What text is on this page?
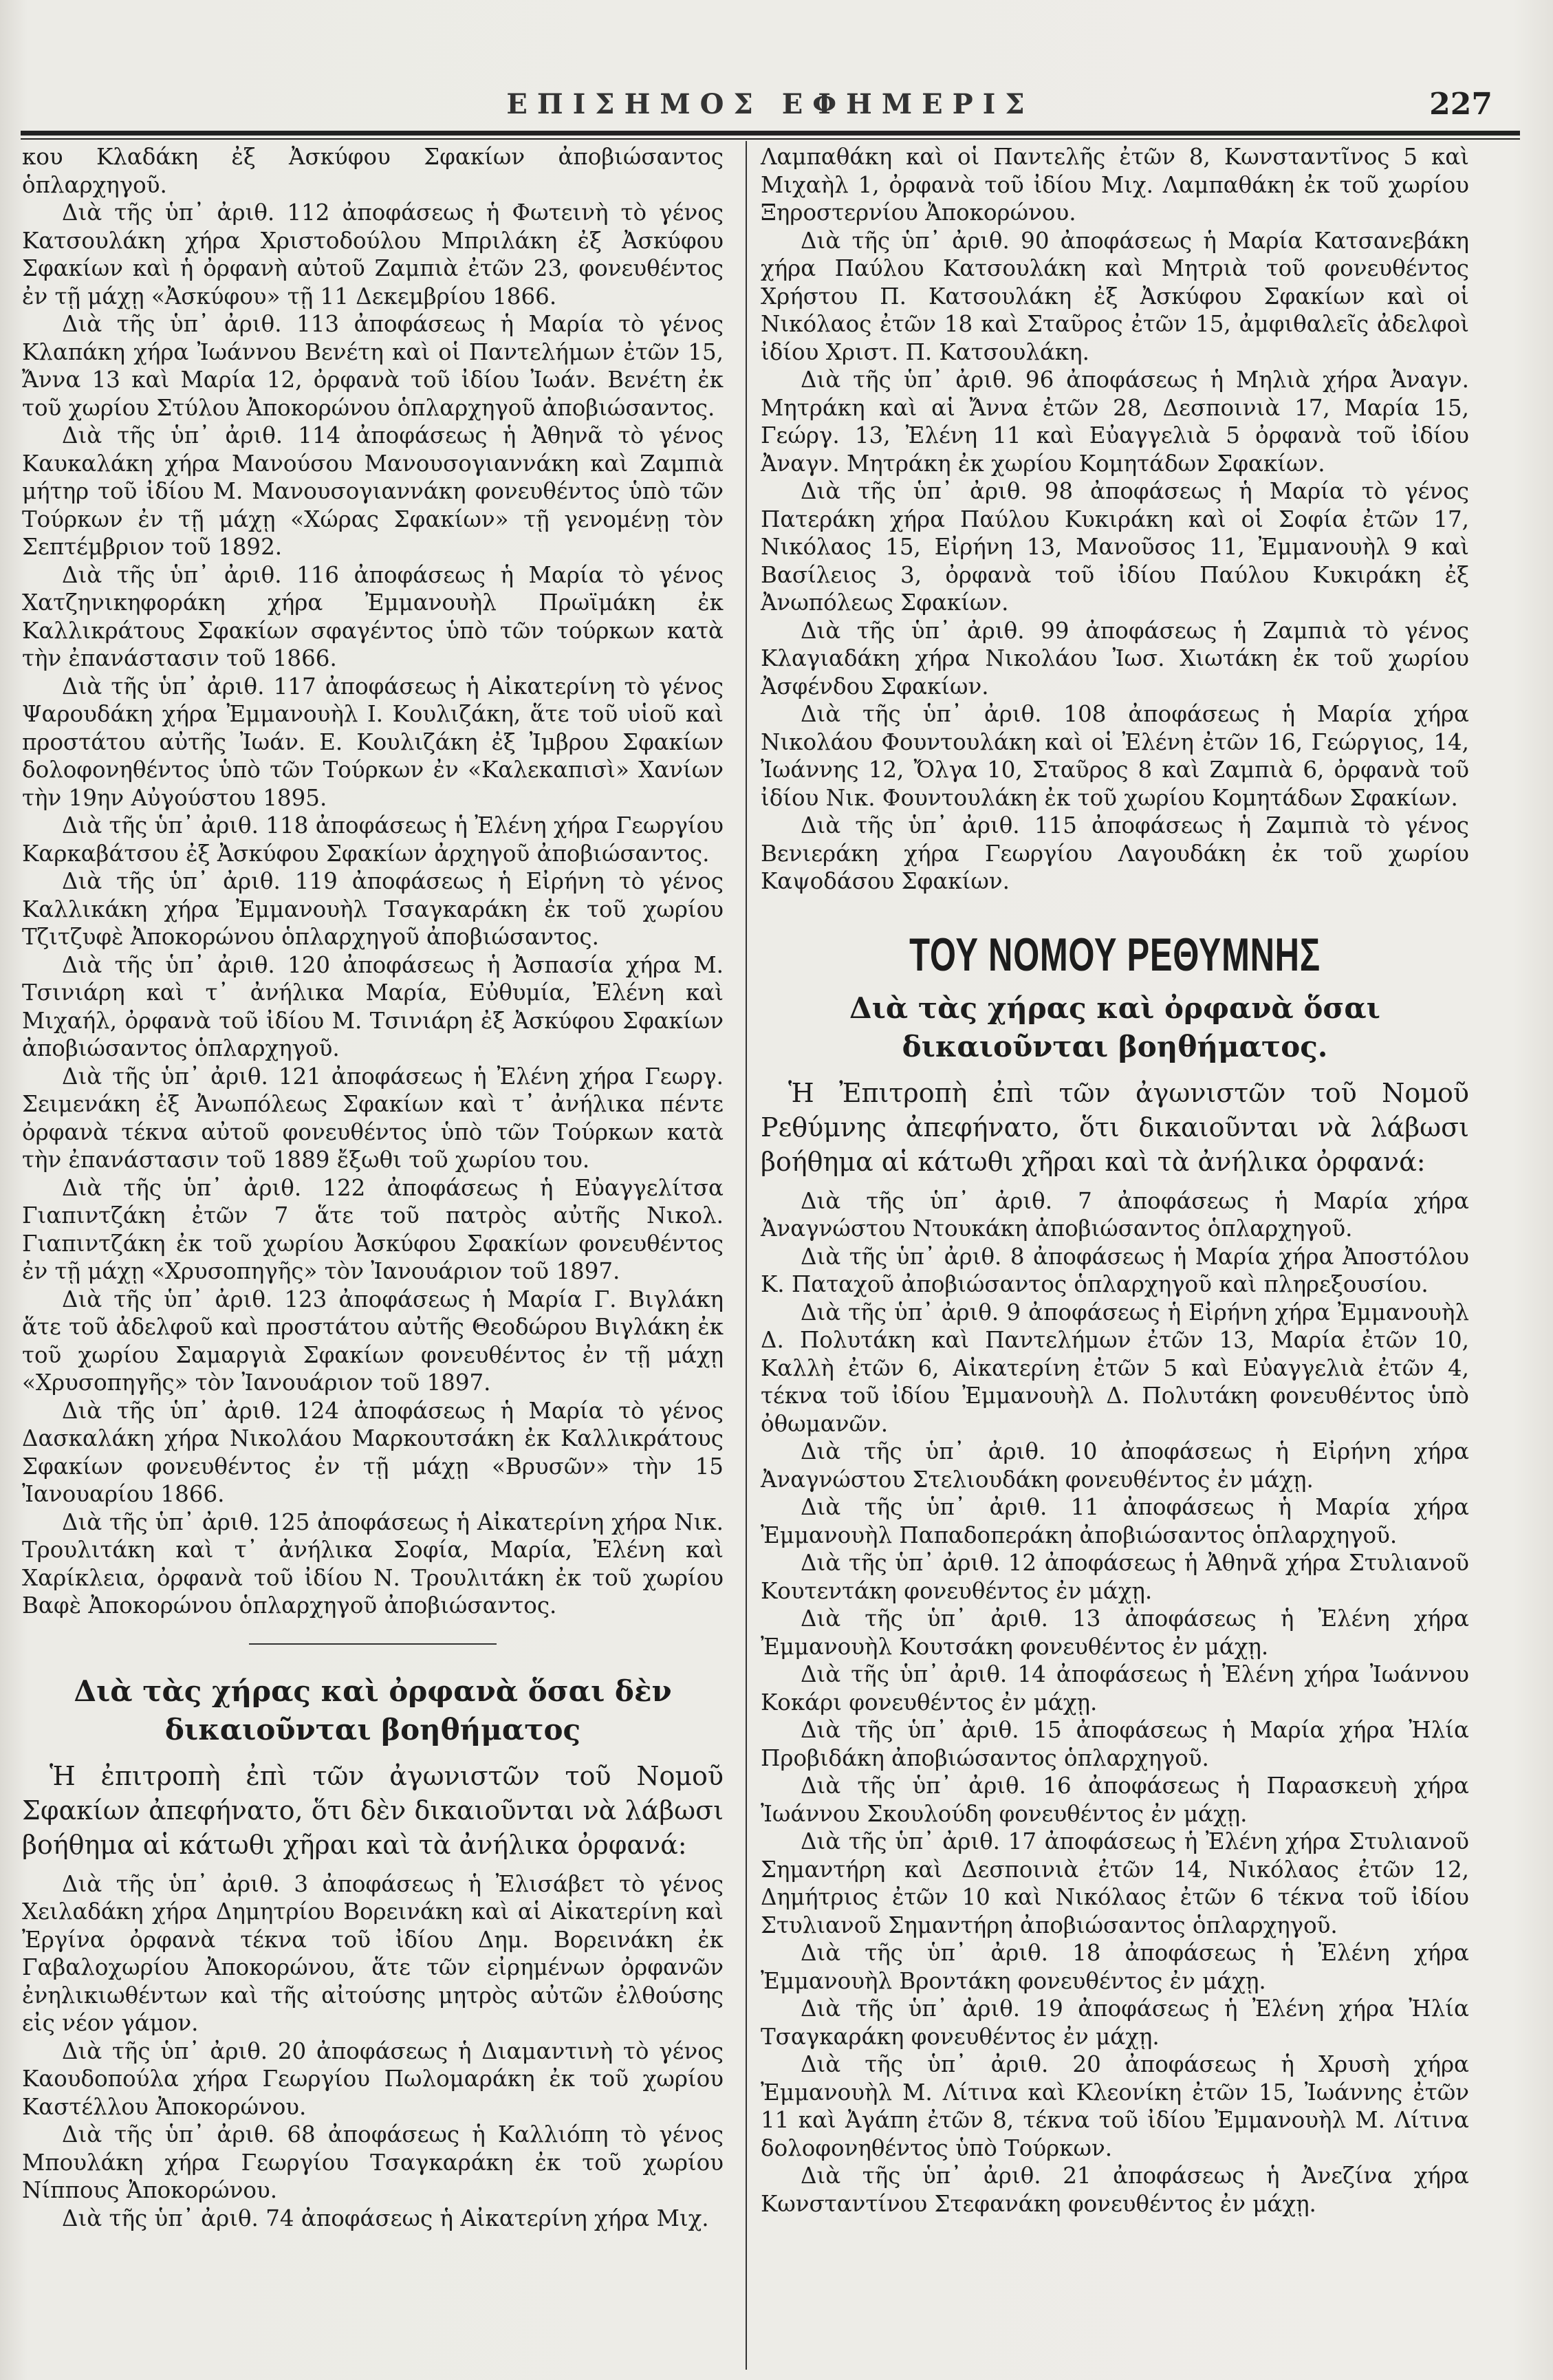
ΕΠΙΣΗΜΟΣ ΕΦΗΜΕΡΙΣ	227

κου Κλαδάκη ἐξ Ἀσκύφου Σφακίων ἀποβιώσαντος ὁπλαρχηγοῦ.

Διὰ τῆς ὑπ᾽ ἀριθ. 112 ἀποφάσεως ἡ Φωτεινὴ τὸ γένος Κατσουλάκη χήρα Χριστοδούλου Μπριλάκη ἐξ Ἀσκύφου Σφακίων καὶ ἡ ὀρφανὴ αὐτοῦ Ζαμπιὰ ἐτῶν 23, φονευθέντος ἐν τῇ μάχῃ «Ἀσκύφου» τῇ 11 Δεκεμβρίου 1866.

Διὰ τῆς ὑπ᾽ ἀριθ. 113 ἀποφάσεως ἡ Μαρία τὸ γένος Κλαπάκη χήρα Ἰωάννου Βενέτη καὶ οἱ Παντελήμων ἐτῶν 15, Ἄννα 13 καὶ Μαρία 12, ὀρφανὰ τοῦ ἰδίου Ἰωάν. Βενέτη ἐκ τοῦ χωρίου Στύλου Ἀποκορώνου ὁπλαρχηγοῦ ἀποβιώσαντος.

Διὰ τῆς ὑπ᾽ ἀριθ. 114 ἀποφάσεως ἡ Ἀθηνᾶ τὸ γένος Καυκαλάκη χήρα Μανούσου Μανουσογιαννάκη καὶ Ζαμπιὰ μήτηρ τοῦ ἰδίου Μ. Μανουσογιαννάκη φονευθέντος ὑπὸ τῶν Τούρκων ἐν τῇ μάχῃ «Χώρας Σφακίων» τῇ γενομένῃ τὸν Σεπτέμβριον τοῦ 1892.

Διὰ τῆς ὑπ᾽ ἀριθ. 116 ἀποφάσεως ἡ Μαρία τὸ γένος Χατζηνικηφοράκη χήρα Ἐμμανουὴλ Πρωϊμάκη ἐκ Καλλικράτους Σφακίων σφαγέντος ὑπὸ τῶν τούρκων κατὰ τὴν ἐπανάστασιν τοῦ 1866.

Διὰ τῆς ὑπ᾽ ἀριθ. 117 ἀποφάσεως ἡ Αἰκατερίνη τὸ γένος Ψαρουδάκη χήρα Ἐμμανουὴλ Ι. Κουλιζάκη, ἅτε τοῦ υἱοῦ καὶ προστάτου αὐτῆς Ἰωάν. Ε. Κουλιζάκη ἐξ Ἰμβρου Σφακίων δολοφονηθέντος ὑπὸ τῶν Τούρκων ἐν «Καλεκαπισὶ» Χανίων τὴν 19ην Αὐγούστου 1895.

Διὰ τῆς ὑπ᾽ ἀριθ. 118 ἀποφάσεως ἡ Ἐλένη χήρα Γεωργίου Καρκαβάτσου ἐξ Ἀσκύφου Σφακίων ἀρχηγοῦ ἀποβιώσαντος.

Διὰ τῆς ὑπ᾽ ἀριθ. 119 ἀποφάσεως ἡ Εἰρήνη τὸ γένος Καλλικάκη χήρα Ἐμμανουὴλ Τσαγκαράκη ἐκ τοῦ χωρίου Τζιτζυφὲ Ἀποκορώνου ὁπλαρχηγοῦ ἀποβιώσαντος.

Διὰ τῆς ὑπ᾽ ἀριθ. 120 ἀποφάσεως ἡ Ἀσπασία χήρα Μ. Τσινιάρη καὶ τ᾽ ἀνήλικα Μαρία, Εὐθυμία, Ἐλένη καὶ Μιχαήλ, ὀρφανὰ τοῦ ἰδίου Μ. Τσινιάρη ἐξ Ἀσκύφου Σφακίων ἀποβιώσαντος ὁπλαρχηγοῦ.

Διὰ τῆς ὑπ᾽ ἀριθ. 121 ἀποφάσεως ἡ Ἐλένη χήρα Γεωργ. Σειμενάκη ἐξ Ἀνωπόλεως Σφακίων καὶ τ᾽ ἀνήλικα πέντε ὀρφανὰ τέκνα αὐτοῦ φονευθέντος ὑπὸ τῶν Τούρκων κατὰ τὴν ἐπανάστασιν τοῦ 1889 ἔξωθι τοῦ χωρίου του.

Διὰ τῆς ὑπ᾽ ἀριθ. 122 ἀποφάσεως ἡ Εὐαγγελίτσα Γιαπιντζάκη ἐτῶν 7 ἅτε τοῦ πατρὸς αὐτῆς Νικολ. Γιαπιντζάκη ἐκ τοῦ χωρίου Ἀσκύφου Σφακίων φονευθέντος ἐν τῇ μάχῃ «Χρυσοπηγῆς» τὸν Ἰανουάριον τοῦ 1897.

Διὰ τῆς ὑπ᾽ ἀριθ. 123 ἀποφάσεως ἡ Μαρία Γ. Βιγλάκη ἅτε τοῦ ἀδελφοῦ καὶ προστάτου αὐτῆς Θεοδώρου Βιγλάκη ἐκ τοῦ χωρίου Σαμαργιὰ Σφακίων φονευθέντος ἐν τῇ μάχῃ «Χρυσοπηγῆς» τὸν Ἰανουάριον τοῦ 1897.

Διὰ τῆς ὑπ᾽ ἀριθ. 124 ἀποφάσεως ἡ Μαρία τὸ γένος Δασκαλάκη χήρα Νικολάου Μαρκουτσάκη ἐκ Καλλικράτους Σφακίων φονευθέντος ἐν τῇ μάχῃ «Βρυσῶν» τὴν 15 Ἰανουαρίου 1866.

Διὰ τῆς ὑπ᾽ ἀριθ. 125 ἀποφάσεως ἡ Αἰκατερίνη χήρα Νικ. Τρουλιτάκη καὶ τ᾽ ἀνήλικα Σοφία, Μαρία, Ἐλένη καὶ Χαρίκλεια, ὀρφανὰ τοῦ ἰδίου Ν. Τρουλιτάκη ἐκ τοῦ χωρίου Βαφὲ Ἀποκορώνου ὁπλαρχηγοῦ ἀποβιώσαντος.

Διὰ τὰς χήρας καὶ ὀρφανὰ ὅσαι δὲν δικαιοῦνται βοηθήματος

Ἡ ἐπιτροπὴ ἐπὶ τῶν ἀγωνιστῶν τοῦ Νομοῦ Σφακίων ἀπεφήνατο, ὅτι δὲν δικαιοῦνται νὰ λάβωσι βοήθημα αἱ κάτωθι χῆραι καὶ τὰ ἀνήλικα ὀρφανά:

Διὰ τῆς ὑπ᾽ ἀριθ. 3 ἀποφάσεως ἡ Ἐλισάβετ τὸ γένος Χειλαδάκη χήρα Δημητρίου Βορεινάκη καὶ αἱ Αἰκατερίνη καὶ Ἐργίνα ὀρφανὰ τέκνα τοῦ ἰδίου Δημ. Βορεινάκη ἐκ Γαβαλοχωρίου Ἀποκορώνου, ἅτε τῶν εἰρημένων ὀρφανῶν ἐνηλικιωθέντων καὶ τῆς αἰτούσης μητρὸς αὐτῶν ἐλθούσης εἰς νέον γάμον.

Διὰ τῆς ὑπ᾽ ἀριθ. 20 ἀποφάσεως ἡ Διαμαντινὴ τὸ γένος Καουδοπούλα χήρα Γεωργίου Πωλομαράκη ἐκ τοῦ χωρίου Καστέλλου Ἀποκορώνου.

Διὰ τῆς ὑπ᾽ ἀριθ. 68 ἀποφάσεως ἡ Καλλιόπη τὸ γένος Μπουλάκη χήρα Γεωργίου Τσαγκαράκη ἐκ τοῦ χωρίου Νίππους Ἀποκορώνου.

Διὰ τῆς ὑπ᾽ ἀριθ. 74 ἀποφάσεως ἡ Αἰκατερίνη χήρα Μιχ.

Λαμπαθάκη καὶ οἱ Παντελῆς ἐτῶν 8, Κωνσταντῖνος 5 καὶ Μιχαὴλ 1, ὀρφανὰ τοῦ ἰδίου Μιχ. Λαμπαθάκη ἐκ τοῦ χωρίου Ξηροστερνίου Ἀποκορώνου.

Διὰ τῆς ὑπ᾽ ἀριθ. 90 ἀποφάσεως ἡ Μαρία Κατσανεβάκη χήρα Παύλου Κατσουλάκη καὶ Μητριὰ τοῦ φονευθέντος Χρήστου Π. Κατσουλάκη ἐξ Ἀσκύφου Σφακίων καὶ οἱ Νικόλαος ἐτῶν 18 καὶ Σταῦρος ἐτῶν 15, ἀμφιθαλεῖς ἀδελφοὶ ἰδίου Χριστ. Π. Κατσουλάκη.

Διὰ τῆς ὑπ᾽ ἀριθ. 96 ἀποφάσεως ἡ Μηλιὰ χήρα Ἀναγν. Μητράκη καὶ αἱ Ἄννα ἐτῶν 28, Δεσποινιὰ 17, Μαρία 15, Γεώργ. 13, Ἐλένη 11 καὶ Εὐαγγελιὰ 5 ὀρφανὰ τοῦ ἰδίου Ἀναγν. Μητράκη ἐκ χωρίου Κομητάδων Σφακίων.

Διὰ τῆς ὑπ᾽ ἀριθ. 98 ἀποφάσεως ἡ Μαρία τὸ γένος Πατεράκη χήρα Παύλου Κυκιράκη καὶ οἱ Σοφία ἐτῶν 17, Νικόλαος 15, Εἰρήνη 13, Μανοῦσος 11, Ἐμμανουὴλ 9 καὶ Βασίλειος 3, ὀρφανὰ τοῦ ἰδίου Παύλου Κυκιράκη ἐξ Ἀνωπόλεως Σφακίων.

Διὰ τῆς ὑπ᾽ ἀριθ. 99 ἀποφάσεως ἡ Ζαμπιὰ τὸ γένος Κλαγιαδάκη χήρα Νικολάου Ἰωσ. Χιωτάκη ἐκ τοῦ χωρίου Ἀσφένδου Σφακίων.

Διὰ τῆς ὑπ᾽ ἀριθ. 108 ἀποφάσεως ἡ Μαρία χήρα Νικολάου Φουντουλάκη καὶ οἱ Ἐλένη ἐτῶν 16, Γεώργιος, 14, Ἰωάννης 12, Ὄλγα 10, Σταῦρος 8 καὶ Ζαμπιὰ 6, ὀρφανὰ τοῦ ἰδίου Νικ. Φουντουλάκη ἐκ τοῦ χωρίου Κομητάδων Σφακίων.

Διὰ τῆς ὑπ᾽ ἀριθ. 115 ἀποφάσεως ἡ Ζαμπιὰ τὸ γένος Βενιεράκη χήρα Γεωργίου Λαγουδάκη ἐκ τοῦ χωρίου Καψοδάσου Σφακίων.

ΤΟΥ ΝΟΜΟΥ ΡΕΘΥΜΝΗΣ

Διὰ τὰς χήρας καὶ ὀρφανὰ ὅσαι δικαιοῦνται βοηθήματος.

Ἡ Ἐπιτροπὴ ἐπὶ τῶν ἀγωνιστῶν τοῦ Νομοῦ Ρεθύμνης ἀπεφήνατο, ὅτι δικαιοῦνται νὰ λάβωσι βοήθημα αἱ κάτωθι χῆραι καὶ τὰ ἀνήλικα ὀρφανά:

Διὰ τῆς ὑπ᾽ ἀριθ. 7 ἀποφάσεως ἡ Μαρία χήρα Ἀναγνώστου Ντουκάκη ἀποβιώσαντος ὁπλαρχηγοῦ.

Διὰ τῆς ὑπ᾽ ἀριθ. 8 ἀποφάσεως ἡ Μαρία χήρα Ἀποστόλου Κ. Παταχοῦ ἀποβιώσαντος ὁπλαρχηγοῦ καὶ πληρεξουσίου.

Διὰ τῆς ὑπ᾽ ἀριθ. 9 ἀποφάσεως ἡ Εἰρήνη χήρα Ἐμμανουὴλ Δ. Πολυτάκη καὶ Παντελήμων ἐτῶν 13, Μαρία ἐτῶν 10, Καλλὴ ἐτῶν 6, Αἰκατερίνη ἐτῶν 5 καὶ Εὐαγγελιὰ ἐτῶν 4, τέκνα τοῦ ἰδίου Ἐμμανουὴλ Δ. Πολυτάκη φονευθέντος ὑπὸ ὀθωμανῶν.

Διὰ τῆς ὑπ᾽ ἀριθ. 10 ἀποφάσεως ἡ Εἰρήνη χήρα Ἀναγνώστου Στελιουδάκη φονευθέντος ἐν μάχῃ.

Διὰ τῆς ὑπ᾽ ἀριθ. 11 ἀποφάσεως ἡ Μαρία χήρα Ἐμμανουὴλ Παπαδοπεράκη ἀποβιώσαντος ὁπλαρχηγοῦ.

Διὰ τῆς ὑπ᾽ ἀριθ. 12 ἀποφάσεως ἡ Ἀθηνᾶ χήρα Στυλιανοῦ Κουτεντάκη φονευθέντος ἐν μάχῃ.

Διὰ τῆς ὑπ᾽ ἀριθ. 13 ἀποφάσεως ἡ Ἐλένη χήρα Ἐμμανουὴλ Κουτσάκη φονευθέντος ἐν μάχῃ.

Διὰ τῆς ὑπ᾽ ἀριθ. 14 ἀποφάσεως ἡ Ἐλένη χήρα Ἰωάννου Κοκάρι φονευθέντος ἐν μάχῃ.

Διὰ τῆς ὑπ᾽ ἀριθ. 15 ἀποφάσεως ἡ Μαρία χήρα Ἠλία Προβιδάκη ἀποβιώσαντος ὁπλαρχηγοῦ.

Διὰ τῆς ὑπ᾽ ἀριθ. 16 ἀποφάσεως ἡ Παρασκευὴ χήρα Ἰωάννου Σκουλούδη φονευθέντος ἐν μάχῃ.

Διὰ τῆς ὑπ᾽ ἀριθ. 17 ἀποφάσεως ἡ Ἐλένη χήρα Στυλιανοῦ Σημαντήρη καὶ Δεσποινιὰ ἐτῶν 14, Νικόλαος ἐτῶν 12, Δημήτριος ἐτῶν 10 καὶ Νικόλαος ἐτῶν 6 τέκνα τοῦ ἰδίου Στυλιανοῦ Σημαντήρη ἀποβιώσαντος ὁπλαρχηγοῦ.

Διὰ τῆς ὑπ᾽ ἀριθ. 18 ἀποφάσεως ἡ Ἐλένη χήρα Ἐμμανουὴλ Βροντάκη φονευθέντος ἐν μάχῃ.

Διὰ τῆς ὑπ᾽ ἀριθ. 19 ἀποφάσεως ἡ Ἐλένη χήρα Ἠλία Τσαγκαράκη φονευθέντος ἐν μάχῃ.

Διὰ τῆς ὑπ᾽ ἀριθ. 20 ἀποφάσεως ἡ Χρυσὴ χήρα Ἐμμανουὴλ Μ. Λίτινα καὶ Κλεονίκη ἐτῶν 15, Ἰωάννης ἐτῶν 11 καὶ Ἀγάπη ἐτῶν 8, τέκνα τοῦ ἰδίου Ἐμμανουὴλ Μ. Λίτινα δολοφονηθέντος ὑπὸ Τούρκων.

Διὰ τῆς ὑπ᾽ ἀριθ. 21 ἀποφάσεως ἡ Ἀνεζίνα χήρα Κωνσταντίνου Στεφανάκη φονευθέντος ἐν μάχῃ.
